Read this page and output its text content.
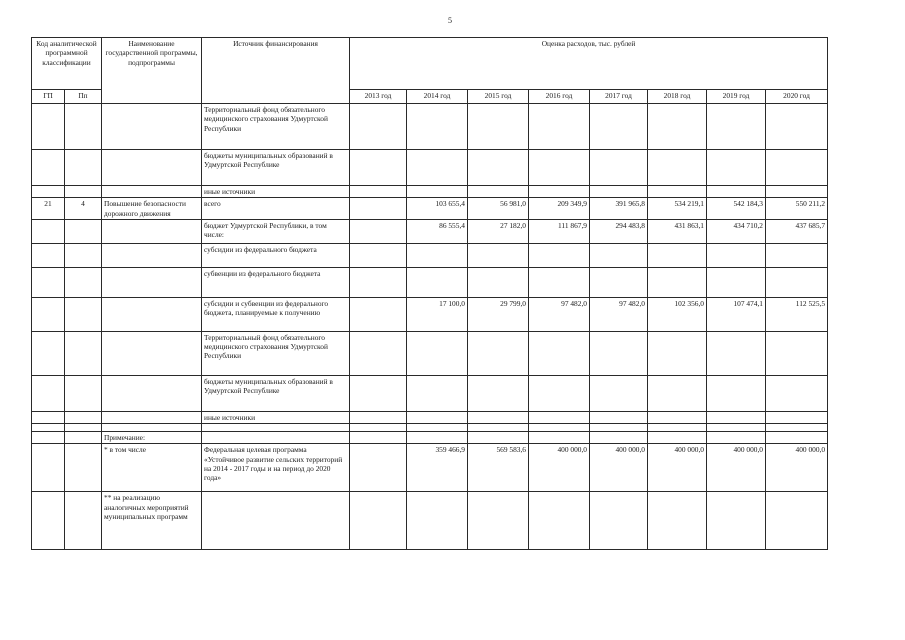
5
Код аналитической программной классификации		Наименование государственной программы, подпрограммы	Источник финансирования	Оценка расходов, тыс. рублей							
ГП	Пп			2013 год	2014 год	2015 год	2016 год	2017 год	2018 год	2019 год	2020 год
			Территориальный фонд обязательного медицинского страхования Удмуртской Республики								
			бюджеты муниципальных образований в Удмуртской Республике								
			иные источники								
21	4	Повышение безопасности дорожного движения	всего		103 655,4	56 981,0	209 349,9	391 965,8	534 219,1	542 184,3	550 211,2
			бюджет Удмуртской Республики, в том числе:		86 555,4	27 182,0	111 867,9	294 483,8	431 863,1	434 710,2	437 685,7
			субсидии из федерального бюджета								
			субвенции из федерального бюджета								
			субсидии и субвенции из федерального бюджета, планируемые к получению		17 100,0	29 799,0	97 482,0	97 482,0	102 356,0	107 474,1	112 525,5
			Территориальный фонд обязательного медицинского страхования Удмуртской Республики								
			бюджеты муниципальных образований в Удмуртской Республике								
			иные источники								

		Примечание:									
		* в том числе	Федеральная целевая программа «Устойчивое развитие сельских территорий на 2014 - 2017 годы и на период до 2020 года»		359 466,9	569 583,6	400 000,0	400 000,0	400 000,0	400 000,0	400 000,0
		** на реализацию аналогичных мероприятий муниципальных программ									
